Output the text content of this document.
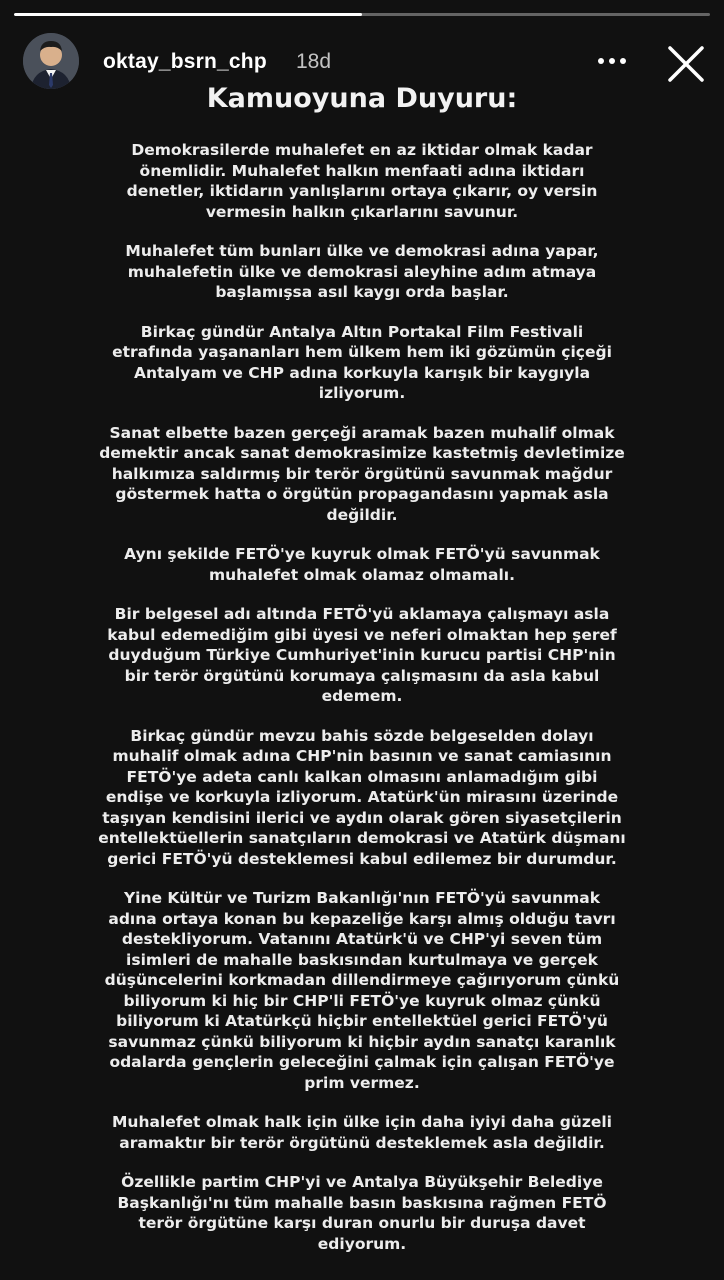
oktay_bsrn_chp 18d
Kamuoyuna Duyuru:

Demokrasilerde muhalefet en az iktidar olmak kadar
önemlidir. Muhalefet halkın menfaati adına iktidarı
denetler, iktidarın yanlışlarını ortaya çıkarır, oy versin
vermesin halkın çıkarlarını savunur.

Muhalefet tüm bunları ülke ve demokrasi adına yapar,
muhalefetin ülke ve demokrasi aleyhine adım atmaya
başlamışsa asıl kaygı orda başlar.

Birkaç gündür Antalya Altın Portakal Film Festivali
etrafında yaşananları hem ülkem hem iki gözümün çiçeği
Antalyam ve CHP adına korkuyla karışık bir kaygıyla
izliyorum.

Sanat elbette bazen gerçeği aramak bazen muhalif olmak
demektir ancak sanat demokrasimize kastetmiş devletimize
halkımıza saldırmış bir terör örgütünü savunmak mağdur
göstermek hatta o örgütün propagandasını yapmak asla
değildir.

Aynı şekilde FETÖ'ye kuyruk olmak FETÖ'yü savunmak
muhalefet olmak olamaz olmamalı.

Bir belgesel adı altında FETÖ'yü aklamaya çalışmayı asla
kabul edemediğim gibi üyesi ve neferi olmaktan hep şeref
duyduğum Türkiye Cumhuriyet'inin kurucu partisi CHP'nin
bir terör örgütünü korumaya çalışmasını da asla kabul
edemem.

Birkaç gündür mevzu bahis sözde belgeselden dolayı
muhalif olmak adına CHP'nin basının ve sanat camiasının
FETÖ'ye adeta canlı kalkan olmasını anlamadığım gibi
endişe ve korkuyla izliyorum. Atatürk'ün mirasını üzerinde
taşıyan kendisini ilerici ve aydın olarak gören siyasetçilerin
entellektüellerin sanatçıların demokrasi ve Atatürk düşmanı
gerici FETÖ'yü desteklemesi kabul edilemez bir durumdur.

Yine Kültür ve Turizm Bakanlığı'nın FETÖ'yü savunmak
adına ortaya konan bu kepazeliğe karşı almış olduğu tavrı
destekliyorum. Vatanını Atatürk'ü ve CHP'yi seven tüm
isimleri de mahalle baskısından kurtulmaya ve gerçek
düşüncelerini korkmadan dillendirmeye çağırıyorum çünkü
biliyorum ki hiç bir CHP'li FETÖ'ye kuyruk olmaz çünkü
biliyorum ki Atatürkçü hiçbir entellektüel gerici FETÖ'yü
savunmaz çünkü biliyorum ki hiçbir aydın sanatçı karanlık
odalarda gençlerin geleceğini çalmak için çalışan FETÖ'ye
prim vermez.

Muhalefet olmak halk için ülke için daha iyiyi daha güzeli
aramaktır bir terör örgütünü desteklemek asla değildir.

Özellikle partim CHP'yi ve Antalya Büyükşehir Belediye
Başkanlığı'nı tüm mahalle basın baskısına rağmen FETÖ
terör örgütüne karşı duran onurlu bir duruşa davet
ediyorum.
